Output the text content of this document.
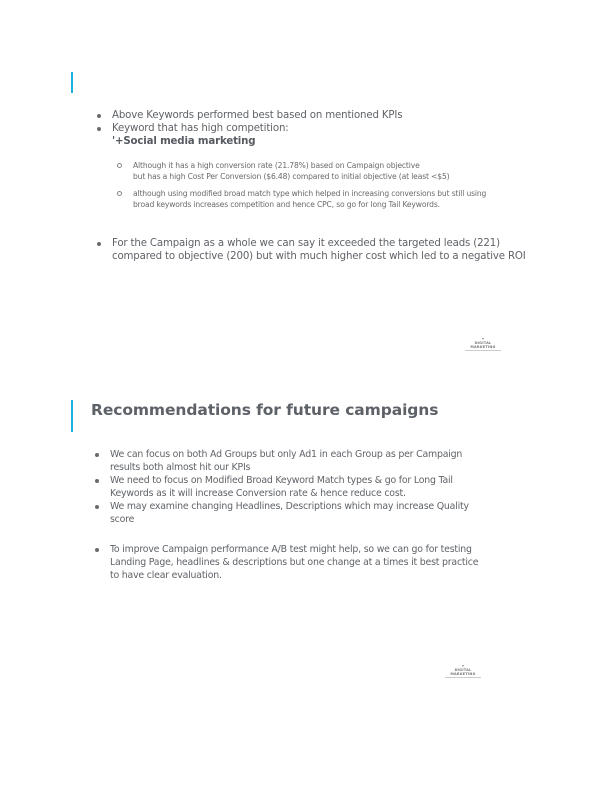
Above Keywords performed best based on mentioned KPIs
Keyword that has high competition:
'+Social media marketing
Although it has a high conversion rate (21.78%) based on Campaign objective
but has a high Cost Per Conversion ($6.48) compared to initial objective (at least <$5)
although using modified broad match type which helped in increasing conversions but still using
broad keywords increases competition and hence CPC, so go for long Tail Keywords.
For the Campaign as a whole we can say it exceeded the targeted leads (221)
compared to objective (200) but with much higher cost which led to a negative ROI
▾
DIGITAL MARKETING
Recommendations for future campaigns
We can focus on both Ad Groups but only Ad1 in each Group as per Campaign
results both almost hit our KPIs
We need to focus on Modified Broad Keyword Match types & go for Long Tail
Keywords as it will increase Conversion rate & hence reduce cost.
We may examine changing Headlines, Descriptions which may increase Quality
score
To improve Campaign performance A/B test might help, so we can go for testing
Landing Page, headlines & descriptions but one change at a times it best practice
to have clear evaluation.
▾
DIGITAL MARKETING
